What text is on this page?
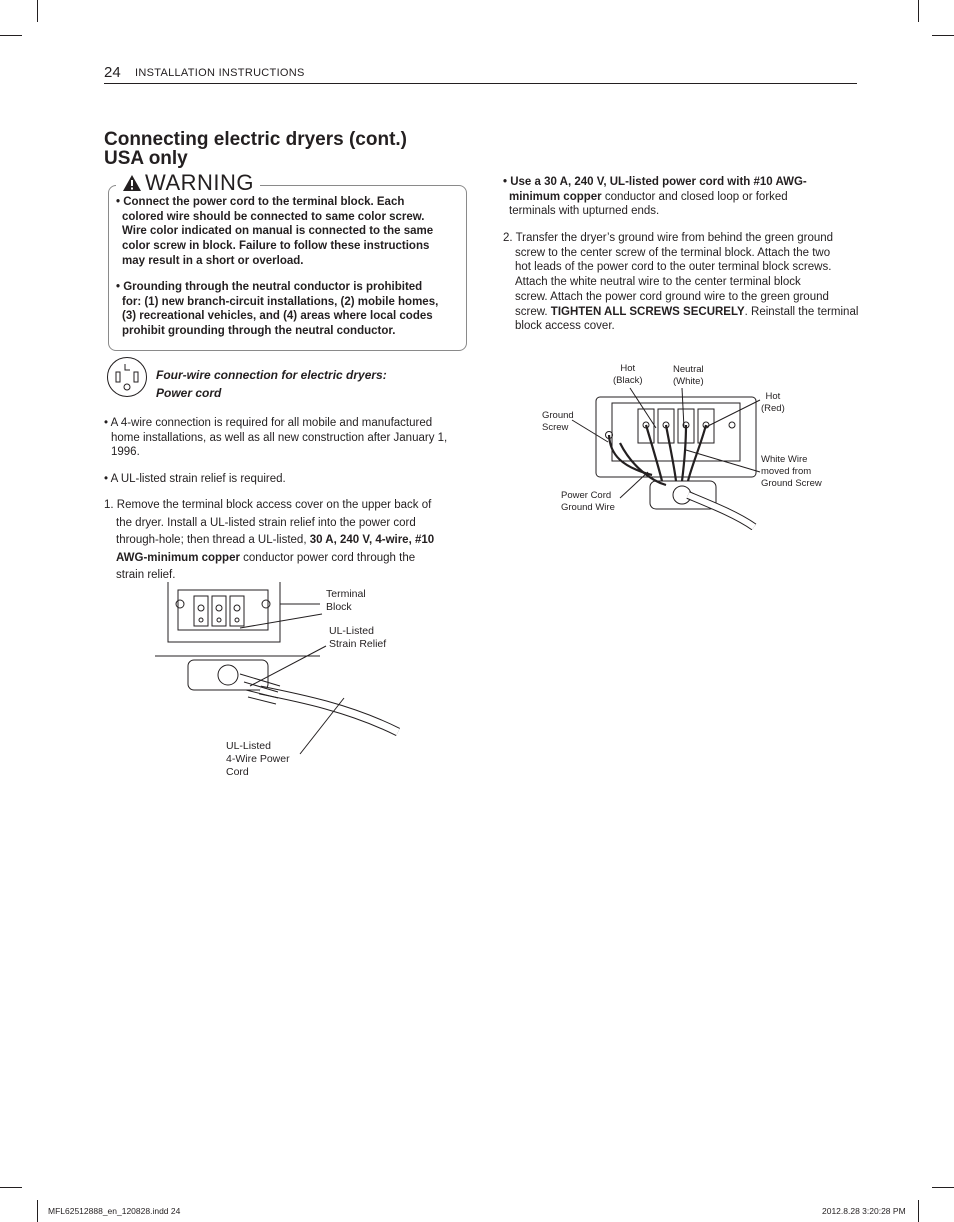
24 INSTALLATION INSTRUCTIONS
Connecting electric dryers (cont.)
USA only
WARNING
• Connect the power cord to the terminal block. Each
colored wire should be connected to same color screw.
Wire color indicated on manual is connected to the same
color screw in block. Failure to follow these instructions
may result in a short or overload.
• Grounding through the neutral conductor is prohibited
for: (1) new branch-circuit installations, (2) mobile homes,
(3) recreational vehicles, and (4) areas where local codes
prohibit grounding through the neutral conductor.
Four-wire connection for electric dryers:
Power cord
• A 4-wire connection is required for all mobile and manufactured
home installations, as well as all new construction after January 1,
1996.
• A UL-listed strain relief is required.
1. Remove the terminal block access cover on the upper back of
the dryer. Install a UL-listed strain relief into the power cord
through-hole; then thread a UL-listed, 30 A, 240 V, 4-wire, #10
AWG-minimum copper conductor power cord through the
strain relief.
Terminal
Block
UL-Listed
Strain Relief
UL-Listed
4-Wire Power
Cord
• Use a 30 A, 240 V, UL-listed power cord with #10 AWG-
minimum copper conductor and closed loop or forked
terminals with upturned ends.
2. Transfer the dryer’s ground wire from behind the green ground
screw to the center screw of the terminal block. Attach the two
hot leads of the power cord to the outer terminal block screws.
Attach the white neutral wire to the center terminal block
screw. Attach the power cord ground wire to the green ground
screw. TIGHTEN ALL SCREWS SECURELY. Reinstall the terminal
block access cover.
Hot
(Black)
Neutral
(White)
Hot
(Red)
Ground
Screw
White Wire
moved from
Ground Screw
Power Cord
Ground Wire
MFL62512888_en_120828.indd 24	2012.8.28 3:20:28 PM
